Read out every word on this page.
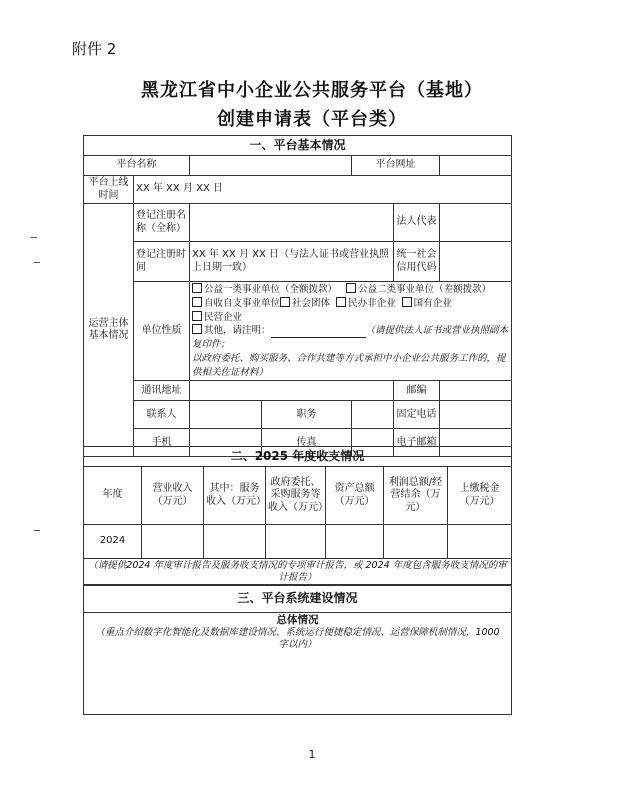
附件 2
黑龙江省中小企业公共服务平台（基地）
创建申请表（平台类）
一、平台基本情况						
平台名称				平台网址		
平台上线时间	XX 年 XX 月 XX 日					
运营主体基本情况	登记注册名称（全称）				法人代表	
	登记注册时间	XX 年 XX 月 XX 日（与法人证书或营业执照上日期一致）			统一社会信用代码	
	单位性质	公益一类事业单位（全额拨款） 公益二类事业单位（差额拨款）
自收自支事业单位 社会团体 民办非企业 国有企业
民营企业
其他，请注明： （请提供法人证书或营业执照副本复印件；
以政府委托、购买服务、合作共建等方式承担中小企业公共服务工作的，提供相关佐证材料）				

	通讯地址				邮编	
	联系人		职务		固定电话	
	手机		传真		电子邮箱	
二、2025 年度收支情况						
年度	营业收入（万元）	其中：服务收入（万元）	政府委托、采购服务等收入（万元）	资产总额（万元）	利润总额/经营结余（万元）	上缴税金（万元）
2024						
（请提供2024 年度审计报告及服务收支情况的专项审计报告，或 2024 年度包含服务收支情况的审计报告）						
三、平台系统建设情况

总体情况
（重点介绍数字化智能化及数据库建设情况、系统运行便捷稳定情况、运营保障机制情况，1000 字以内）
1
